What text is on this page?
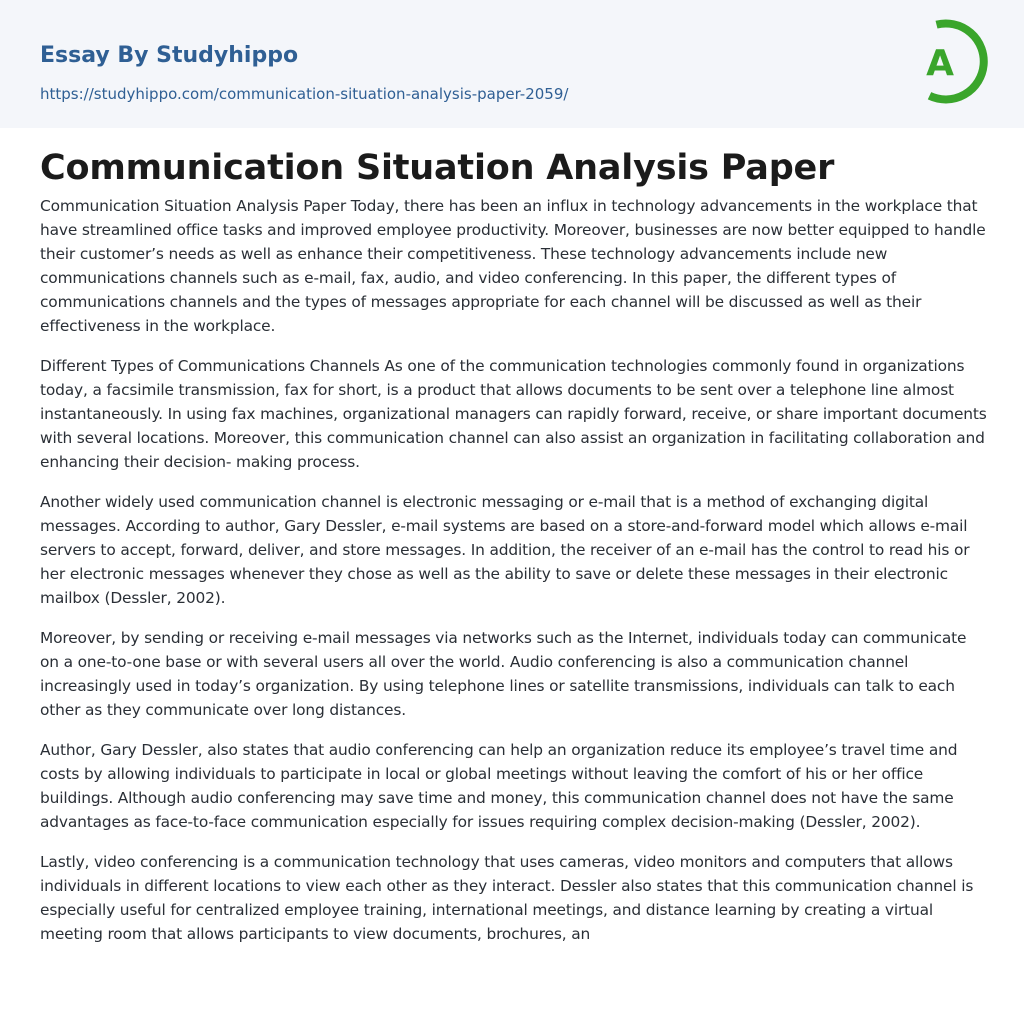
Essay By Studyhippo
https://studyhippo.com/communication-situation-analysis-paper-2059/
A
Communication Situation Analysis Paper

Communication Situation Analysis Paper Today, there has been an influx in technology advancements in the workplace that have streamlined office tasks and improved employee productivity. Moreover, businesses are now better equipped to handle their customer’s needs as well as enhance their competitiveness. These technology advancements include new communications channels such as e-mail, fax, audio, and video conferencing. In this paper, the different types of communications channels and the types of messages appropriate for each channel will be discussed as well as their effectiveness in the workplace.

Different Types of Communications Channels As one of the communication technologies commonly found in organizations today, a facsimile transmission, fax for short, is a product that allows documents to be sent over a telephone line almost instantaneously. In using fax machines, organizational managers can rapidly forward, receive, or share important documents with several locations. Moreover, this communication channel can also assist an organization in facilitating collaboration and enhancing their decision- making process.

Another widely used communication channel is electronic messaging or e-mail that is a method of exchanging digital messages. According to author, Gary Dessler, e-mail systems are based on a store-and-forward model which allows e-mail servers to accept, forward, deliver, and store messages. In addition, the receiver of an e-mail has the control to read his or her electronic messages whenever they chose as well as the ability to save or delete these messages in their electronic mailbox (Dessler, 2002).

Moreover, by sending or receiving e-mail messages via networks such as the Internet, individuals today can communicate on a one-to-one base or with several users all over the world. Audio conferencing is also a communication channel increasingly used in today’s organization. By using telephone lines or satellite transmissions, individuals can talk to each other as they communicate over long distances.

Author, Gary Dessler, also states that audio conferencing can help an organization reduce its employee’s travel time and costs by allowing individuals to participate in local or global meetings without leaving the comfort of his or her office buildings. Although audio conferencing may save time and money, this communication channel does not have the same advantages as face-to-face communication especially for issues requiring complex decision-making (Dessler, 2002).

Lastly, video conferencing is a communication technology that uses cameras, video monitors and computers that allows individuals in different locations to view each other as they interact. Dessler also states that this communication channel is especially useful for centralized employee training, international meetings, and distance learning by creating a virtual meeting room that allows participants to view documents, brochures, an
